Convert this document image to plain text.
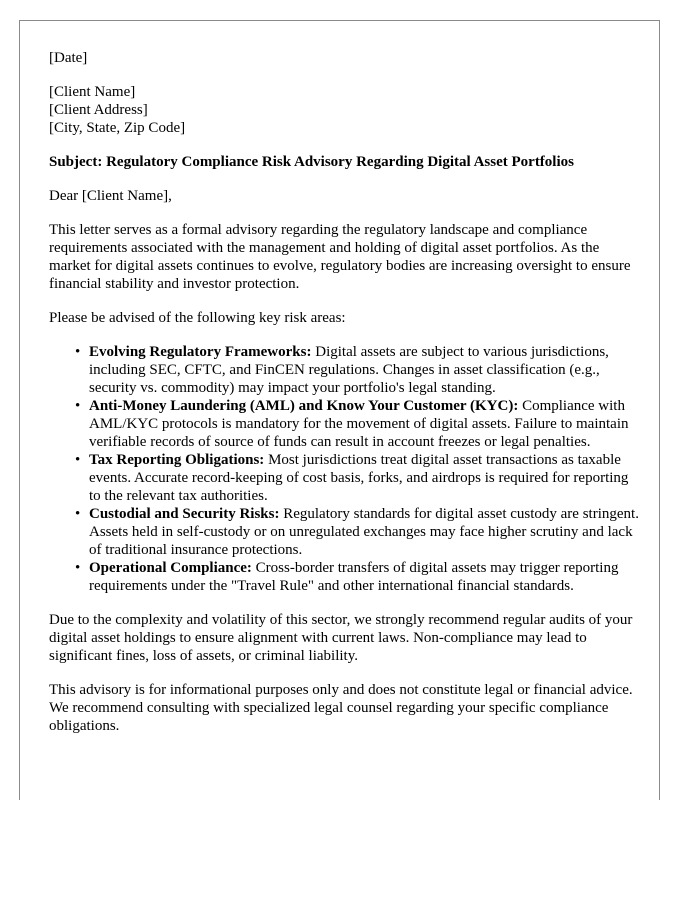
[Date]

[Client Name]
[Client Address]
[City, State, Zip Code]

Subject: Regulatory Compliance Risk Advisory Regarding Digital Asset Portfolios

Dear [Client Name],

This letter serves as a formal advisory regarding the regulatory landscape and compliance requirements associated with the management and holding of digital asset portfolios. As the market for digital assets continues to evolve, regulatory bodies are increasing oversight to ensure financial stability and investor protection.

Please be advised of the following key risk areas:

• Evolving Regulatory Frameworks: Digital assets are subject to various jurisdictions, including SEC, CFTC, and FinCEN regulations. Changes in asset classification (e.g., security vs. commodity) may impact your portfolio's legal standing.
• Anti-Money Laundering (AML) and Know Your Customer (KYC): Compliance with AML/KYC protocols is mandatory for the movement of digital assets. Failure to maintain verifiable records of source of funds can result in account freezes or legal penalties.
• Tax Reporting Obligations: Most jurisdictions treat digital asset transactions as taxable events. Accurate record-keeping of cost basis, forks, and airdrops is required for reporting to the relevant tax authorities.
• Custodial and Security Risks: Regulatory standards for digital asset custody are stringent. Assets held in self-custody or on unregulated exchanges may face higher scrutiny and lack of traditional insurance protections.
• Operational Compliance: Cross-border transfers of digital assets may trigger reporting requirements under the "Travel Rule" and other international financial standards.

Due to the complexity and volatility of this sector, we strongly recommend regular audits of your digital asset holdings to ensure alignment with current laws. Non-compliance may lead to significant fines, loss of assets, or criminal liability.

This advisory is for informational purposes only and does not constitute legal or financial advice. We recommend consulting with specialized legal counsel regarding your specific compliance obligations.
